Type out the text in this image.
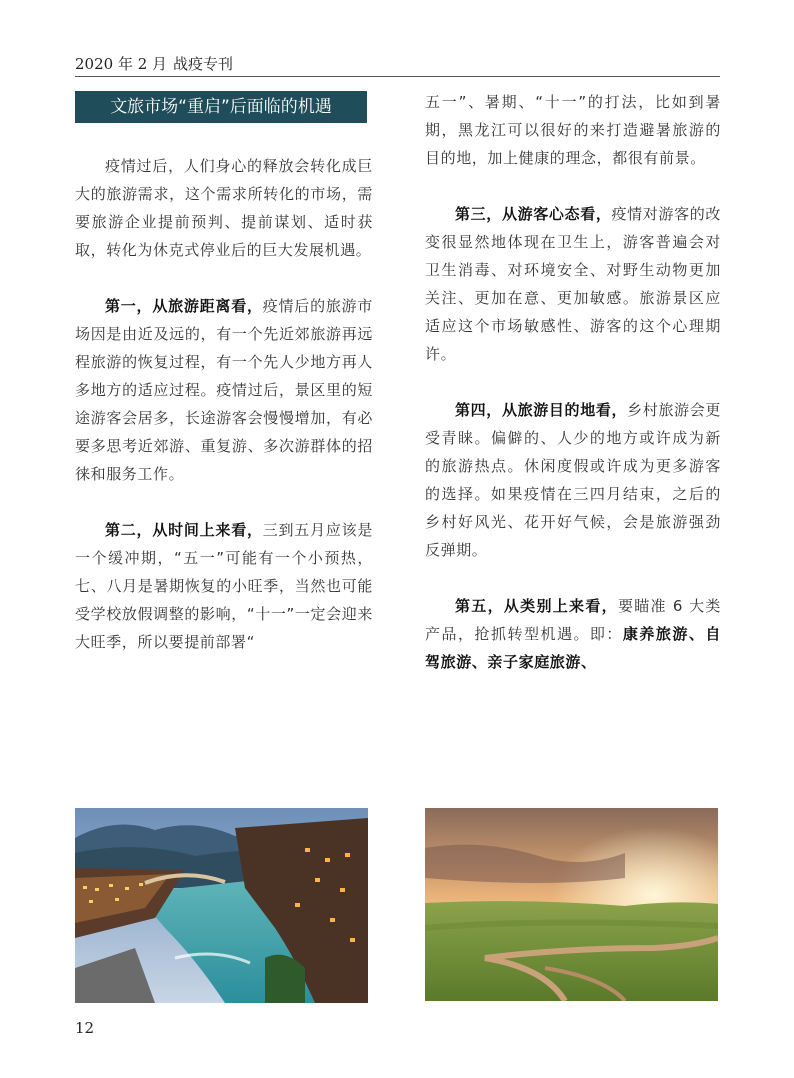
2020 年 2 月 战疫专刊
文旅市场“重启”后面临的机遇

疫情过后，人们身心的释放会转化成巨大的旅游需求，这个需求所转化的市场，需要旅游企业提前预判、提前谋划、适时获取，转化为休克式停业后的巨大发展机遇。

第一，从旅游距离看，疫情后的旅游市场因是由近及远的，有一个先近郊旅游再远程旅游的恢复过程，有一个先人少地方再人多地方的适应过程。疫情过后，景区里的短途游客会居多，长途游客会慢慢增加，有必要多思考近郊游、重复游、多次游群体的招徕和服务工作。

第二，从时间上来看，三到五月应该是一个缓冲期，“五一”可能有一个小预热，七、八月是暑期恢复的小旺季，当然也可能受学校放假调整的影响，“十一”一定会迎来大旺季，所以要提前部署“

五一”、暑期、“十一”的打法，比如到暑期，黑龙江可以很好的来打造避暑旅游的目的地，加上健康的理念，都很有前景。

第三，从游客心态看，疫情对游客的改变很显然地体现在卫生上，游客普遍会对卫生消毒、对环境安全、对野生动物更加关注、更加在意、更加敏感。旅游景区应适应这个市场敏感性、游客的这个心理期许。

第四，从旅游目的地看，乡村旅游会更受青睐。偏僻的、人少的地方或许成为新的旅游热点。休闲度假或许成为更多游客的选择。如果疫情在三四月结束，之后的乡村好风光、花开好气候，会是旅游强劲反弹期。

第五，从类别上来看，要瞄准 6 大类产品，抢抓转型机遇。即：康养旅游、自驾旅游、亲子家庭旅游、

12
